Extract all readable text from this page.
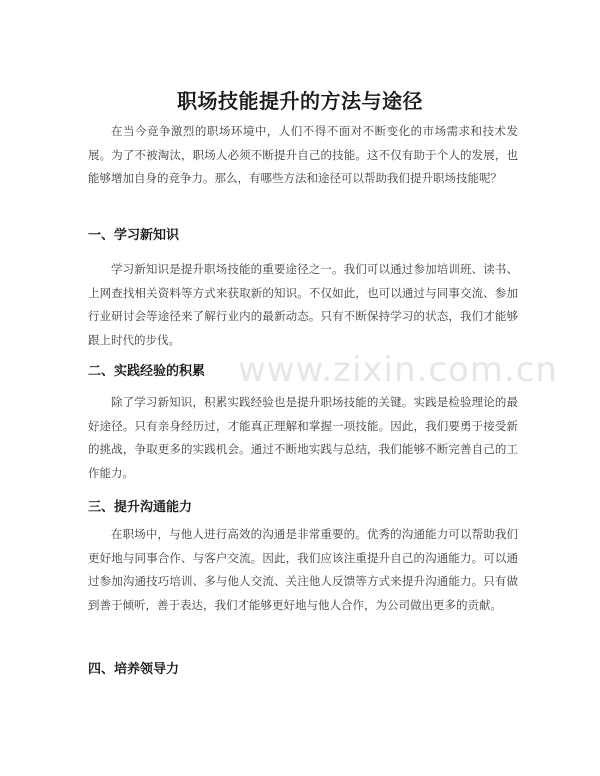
职场技能提升的方法与途径

在当今竞争激烈的职场环境中，人们不得不面对不断变化的市场需求和技术发展。为了不被淘汰，职场人必须不断提升自己的技能。这不仅有助于个人的发展，也能够增加自身的竞争力。那么，有哪些方法和途径可以帮助我们提升职场技能呢？

一、学习新知识

学习新知识是提升职场技能的重要途径之一。我们可以通过参加培训班、读书、上网查找相关资料等方式来获取新的知识。不仅如此，也可以通过与同事交流、参加行业研讨会等途径来了解行业内的最新动态。只有不断保持学习的状态，我们才能够跟上时代的步伐。

二、实践经验的积累

除了学习新知识，积累实践经验也是提升职场技能的关键。实践是检验理论的最好途径。只有亲身经历过，才能真正理解和掌握一项技能。因此，我们要勇于接受新的挑战，争取更多的实践机会。通过不断地实践与总结，我们能够不断完善自己的工作能力。

三、提升沟通能力

在职场中，与他人进行高效的沟通是非常重要的。优秀的沟通能力可以帮助我们更好地与同事合作、与客户交流。因此，我们应该注重提升自己的沟通能力。可以通过参加沟通技巧培训、多与他人交流、关注他人反馈等方式来提升沟通能力。只有做到善于倾听，善于表达，我们才能够更好地与他人合作，为公司做出更多的贡献。

四、培养领导力
www.zixin.com.cn
